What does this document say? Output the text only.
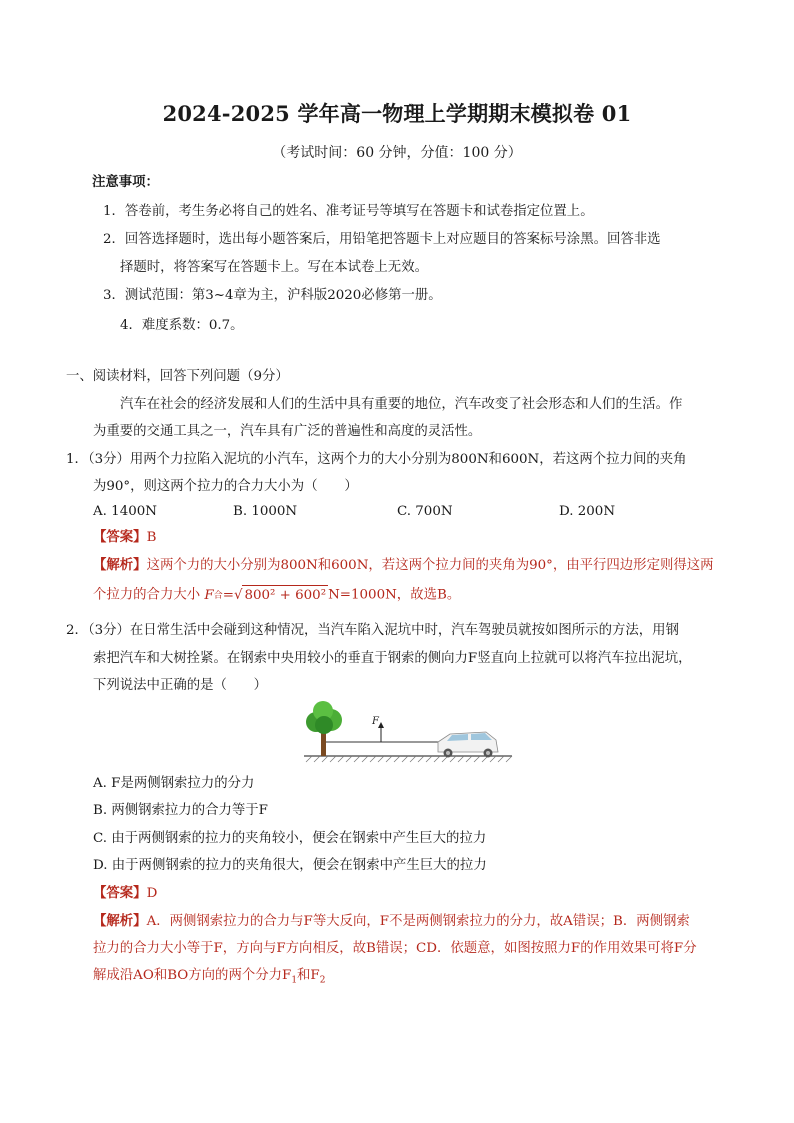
2024-2025 学年高一物理上学期期末模拟卷 01
（考试时间：60 分钟，分值：100 分）
注意事项：
1．答卷前，考生务必将自己的姓名、准考证号等填写在答题卡和试卷指定位置上。
2．回答选择题时，选出每小题答案后，用铅笔把答题卡上对应题目的答案标号涂黑。回答非选
择题时，将答案写在答题卡上。写在本试卷上无效。
3．测试范围：第3~4章为主，沪科版2020必修第一册。
4．难度系数：0.7。
一、阅读材料，回答下列问题（9分）
汽车在社会的经济发展和人们的生活中具有重要的地位，汽车改变了社会形态和人们的生活。作
为重要的交通工具之一，汽车具有广泛的普遍性和高度的灵活性。
1．（3分）用两个力拉陷入泥坑的小汽车，这两个力的大小分别为800N和600N，若这两个拉力间的夹角
为90°，则这两个拉力的合力大小为（　　）
A. 1400N	B. 1000N	C. 700N	D. 200N
【答案】B
【解析】这两个力的大小分别为800N和600N，若这两个拉力间的夹角为90°，由平行四边形定则得这两
个拉力的合力大小 F 合 = √ 800² + 600² N=1000N，故选B。
2．（3分）在日常生活中会碰到这种情况，当汽车陷入泥坑中时，汽车驾驶员就按如图所示的方法，用钢
索把汽车和大树拴紧。在钢索中央用较小的垂直于钢索的侧向力F竖直向上拉就可以将汽车拉出泥坑，
下列说法中正确的是（　　）
F
A. F是两侧钢索拉力的分力
B. 两侧钢索拉力的合力等于F
C. 由于两侧钢索的拉力的夹角较小，便会在钢索中产生巨大的拉力
D. 由于两侧钢索的拉力的夹角很大，便会在钢索中产生巨大的拉力
【答案】D
【解析】A．两侧钢索拉力的合力与F等大反向，F不是两侧钢索拉力的分力，故A错误；B．两侧钢索
拉力的合力大小等于F，方向与F方向相反，故B错误；CD．依题意，如图按照力F的作用效果可将F分
解成沿AO和BO方向的两个分力$F_1$和$F_2$
